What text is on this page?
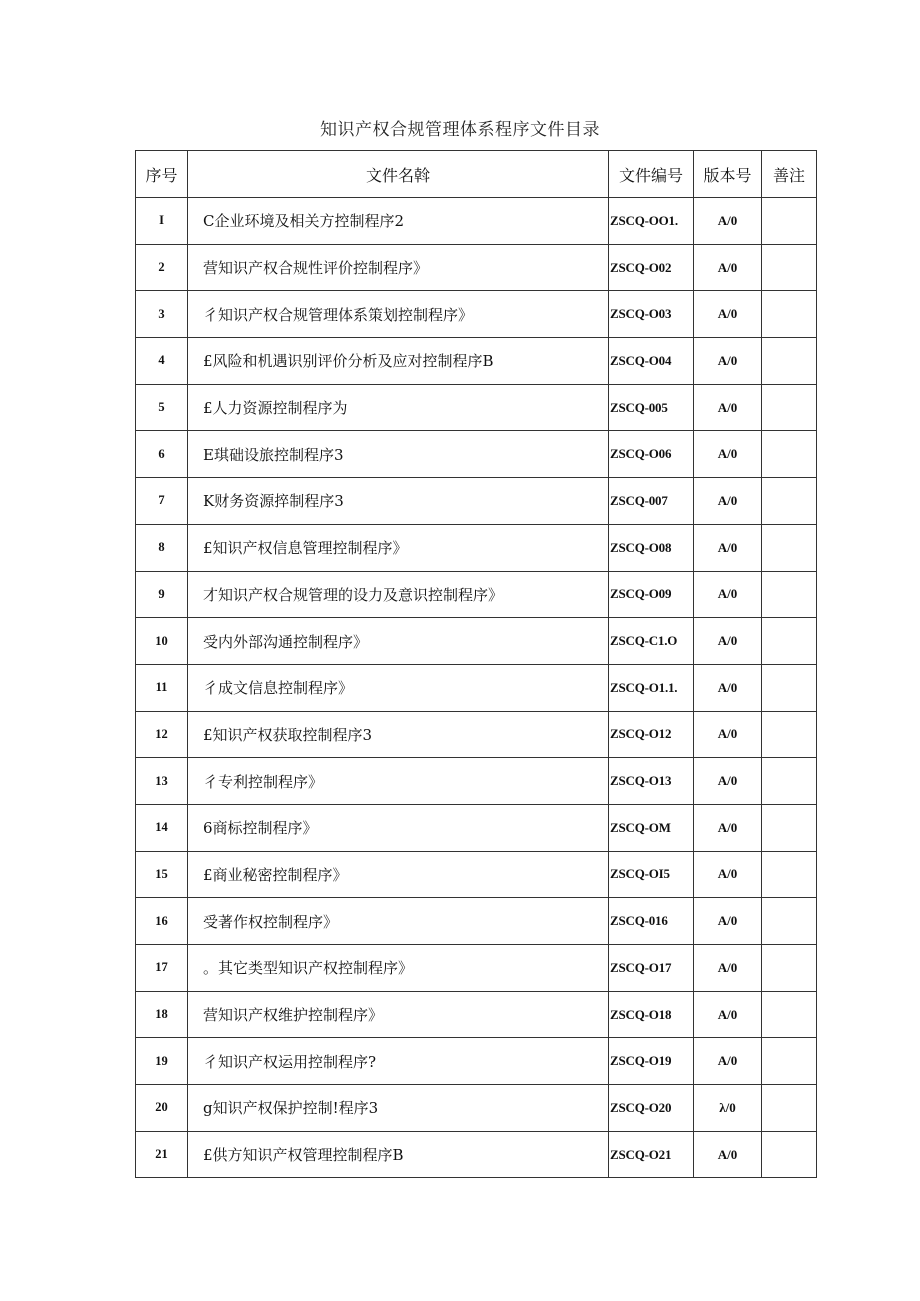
知识产权合规管理体系程序文件目录
序号	文件名斡	文件编号	版本号	善注
I	C企业环境及相关方控制程序2	ZSCQ-OO1.	A/0	
2	营知识产权合规性评价控制程序》	ZSCQ-O02	A/0	
3	彳知识产权合规管理体系策划控制程序》	ZSCQ-O03	A/0	
4	£风险和机遇识别评价分析及应对控制程序B	ZSCQ-O04	A/0	
5	£人力资源控制程序为	ZSCQ-005	A/0	
6	E琪础设旅控制程序3	ZSCQ-O06	A/0	
7	K财务资源捽制程序3	ZSCQ-007	A/0	
8	£知识产权信息管理控制程序》	ZSCQ-O08	A/0	
9	才知识产权合规管理的设力及意识控制程序》	ZSCQ-O09	A/0	
10	受内外部沟通控制程序》	ZSCQ-C1.O	A/0	
11	彳成文信息控制程序》	ZSCQ-O1.1.	A/0	
12	£知识产权获取控制程序3	ZSCQ-O12	A/0	
13	彳专利控制程序》	ZSCQ-O13	A/0	
14	6商标控制程序》	ZSCQ-OM	A/0	
15	£商业秘密控制程序》	ZSCQ-OI5	A/0	
16	受著作权控制程序》	ZSCQ-016	A/0	
17	。其它类型知识产权控制程序》	ZSCQ-O17	A/0	
18	营知识产权维护控制程序》	ZSCQ-O18	A/0	
19	彳知识产权运用控制程序?	ZSCQ-O19	A/0	
20	g知识产权保护控制!程序3	ZSCQ-O20	λ/0	
21	£供方知识产权管理控制程序B	ZSCQ-O21	A/0	
